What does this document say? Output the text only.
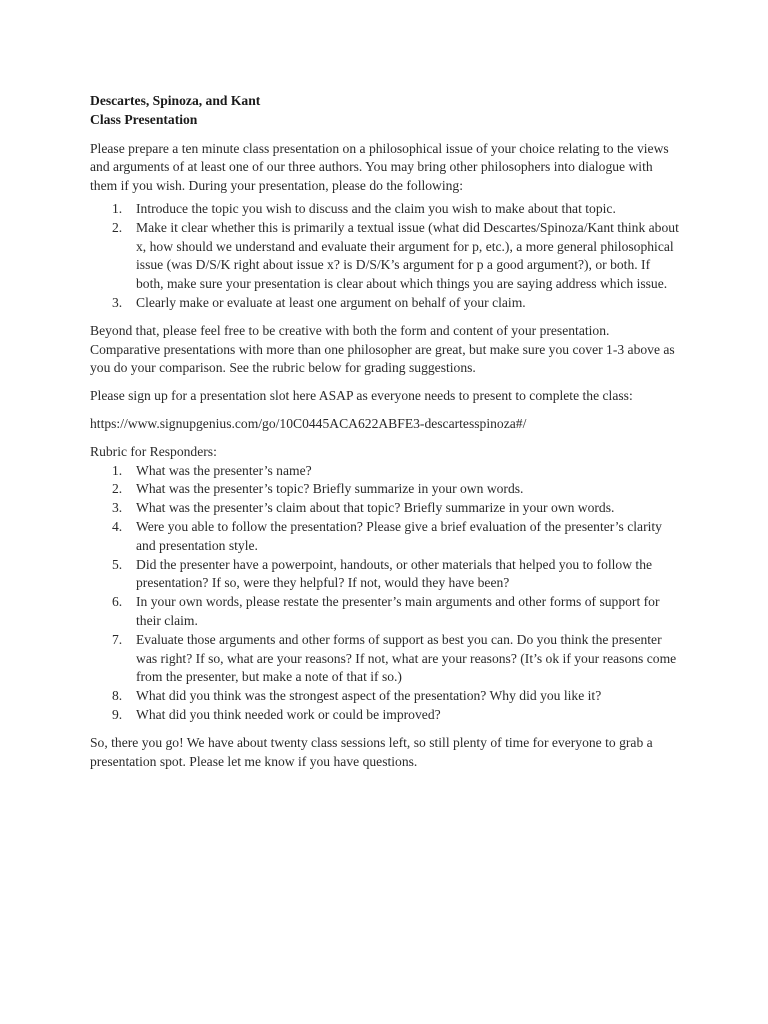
Descartes, Spinoza, and Kant

Class Presentation

Please prepare a ten minute class presentation on a philosophical issue of your choice relating to the views and arguments of at least one of our three authors. You may bring other philosophers into dialogue with them if you wish. During your presentation, please do the following:

1. Introduce the topic you wish to discuss and the claim you wish to make about that topic.
2. Make it clear whether this is primarily a textual issue (what did Descartes/Spinoza/Kant think about x, how should we understand and evaluate their argument for p, etc.), a more general philosophical issue (was D/S/K right about issue x? is D/S/K’s argument for p a good argument?), or both. If both, make sure your presentation is clear about which things you are saying address which issue.
3. Clearly make or evaluate at least one argument on behalf of your claim.

Beyond that, please feel free to be creative with both the form and content of your presentation. Comparative presentations with more than one philosopher are great, but make sure you cover 1-3 above as you do your comparison. See the rubric below for grading suggestions.

Please sign up for a presentation slot here ASAP as everyone needs to present to complete the class:

https://www.signupgenius.com/go/10C0445ACA622ABFE3-descartesspinoza#/

Rubric for Responders:

1. What was the presenter’s name?
2. What was the presenter’s topic? Briefly summarize in your own words.
3. What was the presenter’s claim about that topic? Briefly summarize in your own words.
4. Were you able to follow the presentation? Please give a brief evaluation of the presenter’s clarity and presentation style.
5. Did the presenter have a powerpoint, handouts, or other materials that helped you to follow the presentation? If so, were they helpful? If not, would they have been?
6. In your own words, please restate the presenter’s main arguments and other forms of support for their claim.
7. Evaluate those arguments and other forms of support as best you can. Do you think the presenter was right? If so, what are your reasons? If not, what are your reasons? (It’s ok if your reasons come from the presenter, but make a note of that if so.)
8. What did you think was the strongest aspect of the presentation? Why did you like it?
9. What did you think needed work or could be improved?

So, there you go! We have about twenty class sessions left, so still plenty of time for everyone to grab a presentation spot. Please let me know if you have questions.
